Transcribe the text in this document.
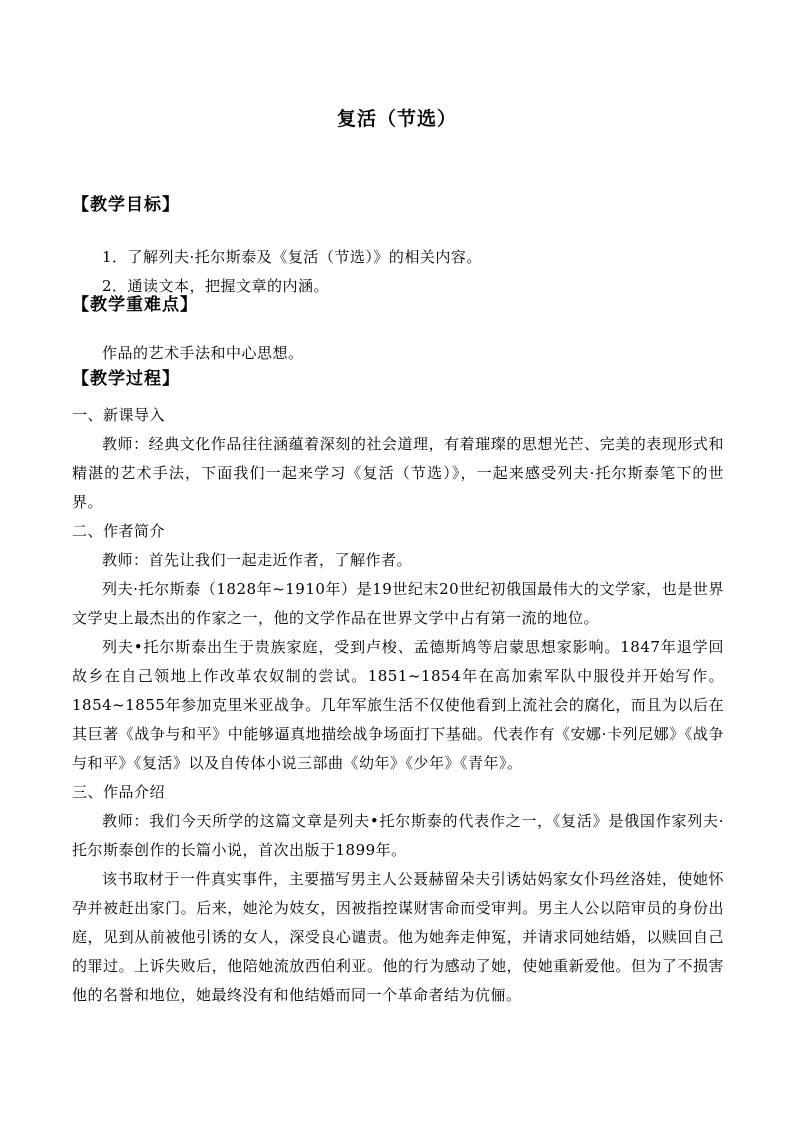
复活（节选）
【教学目标】
1．了解列夫·托尔斯泰及《复活（节选）》的相关内容。
2．通读文本，把握文章的内涵。
【教学重难点】
作品的艺术手法和中心思想。
【教学过程】
一、新课导入
教师：经典文化作品往往涵蕴着深刻的社会道理，有着璀璨的思想光芒、完美的表现形式和精湛的艺术手法，下面我们一起来学习《复活（节选）》，一起来感受列夫·托尔斯泰笔下的世界。
二、作者简介
教师：首先让我们一起走近作者，了解作者。
列夫·托尔斯泰（1828年~1910年）是19世纪末20世纪初俄国最伟大的文学家，也是世界文学史上最杰出的作家之一，他的文学作品在世界文学中占有第一流的地位。
列夫•托尔斯泰出生于贵族家庭，受到卢梭、孟德斯鸠等启蒙思想家影响。1847年退学回故乡在自己领地上作改革农奴制的尝试。1851~1854年在高加索军队中服役并开始写作。1854~1855年参加克里米亚战争。几年军旅生活不仅使他看到上流社会的腐化，而且为以后在其巨著《战争与和平》中能够逼真地描绘战争场面打下基础。代表作有《安娜·卡列尼娜》《战争与和平》《复活》以及自传体小说三部曲《幼年》《少年》《青年》。
三、作品介绍
教师：我们今天所学的这篇文章是列夫•托尔斯泰的代表作之一，《复活》是俄国作家列夫·托尔斯泰创作的长篇小说，首次出版于1899年。
该书取材于一件真实事件，主要描写男主人公聂赫留朵夫引诱姑妈家女仆玛丝洛娃，使她怀孕并被赶出家门。后来，她沦为妓女，因被指控谋财害命而受审判。男主人公以陪审员的身份出庭，见到从前被他引诱的女人，深受良心谴责。他为她奔走伸冤，并请求同她结婚，以赎回自己的罪过。上诉失败后，他陪她流放西伯利亚。他的行为感动了她，使她重新爱他。但为了不损害他的名誉和地位，她最终没有和他结婚而同一个革命者结为伉俪。
